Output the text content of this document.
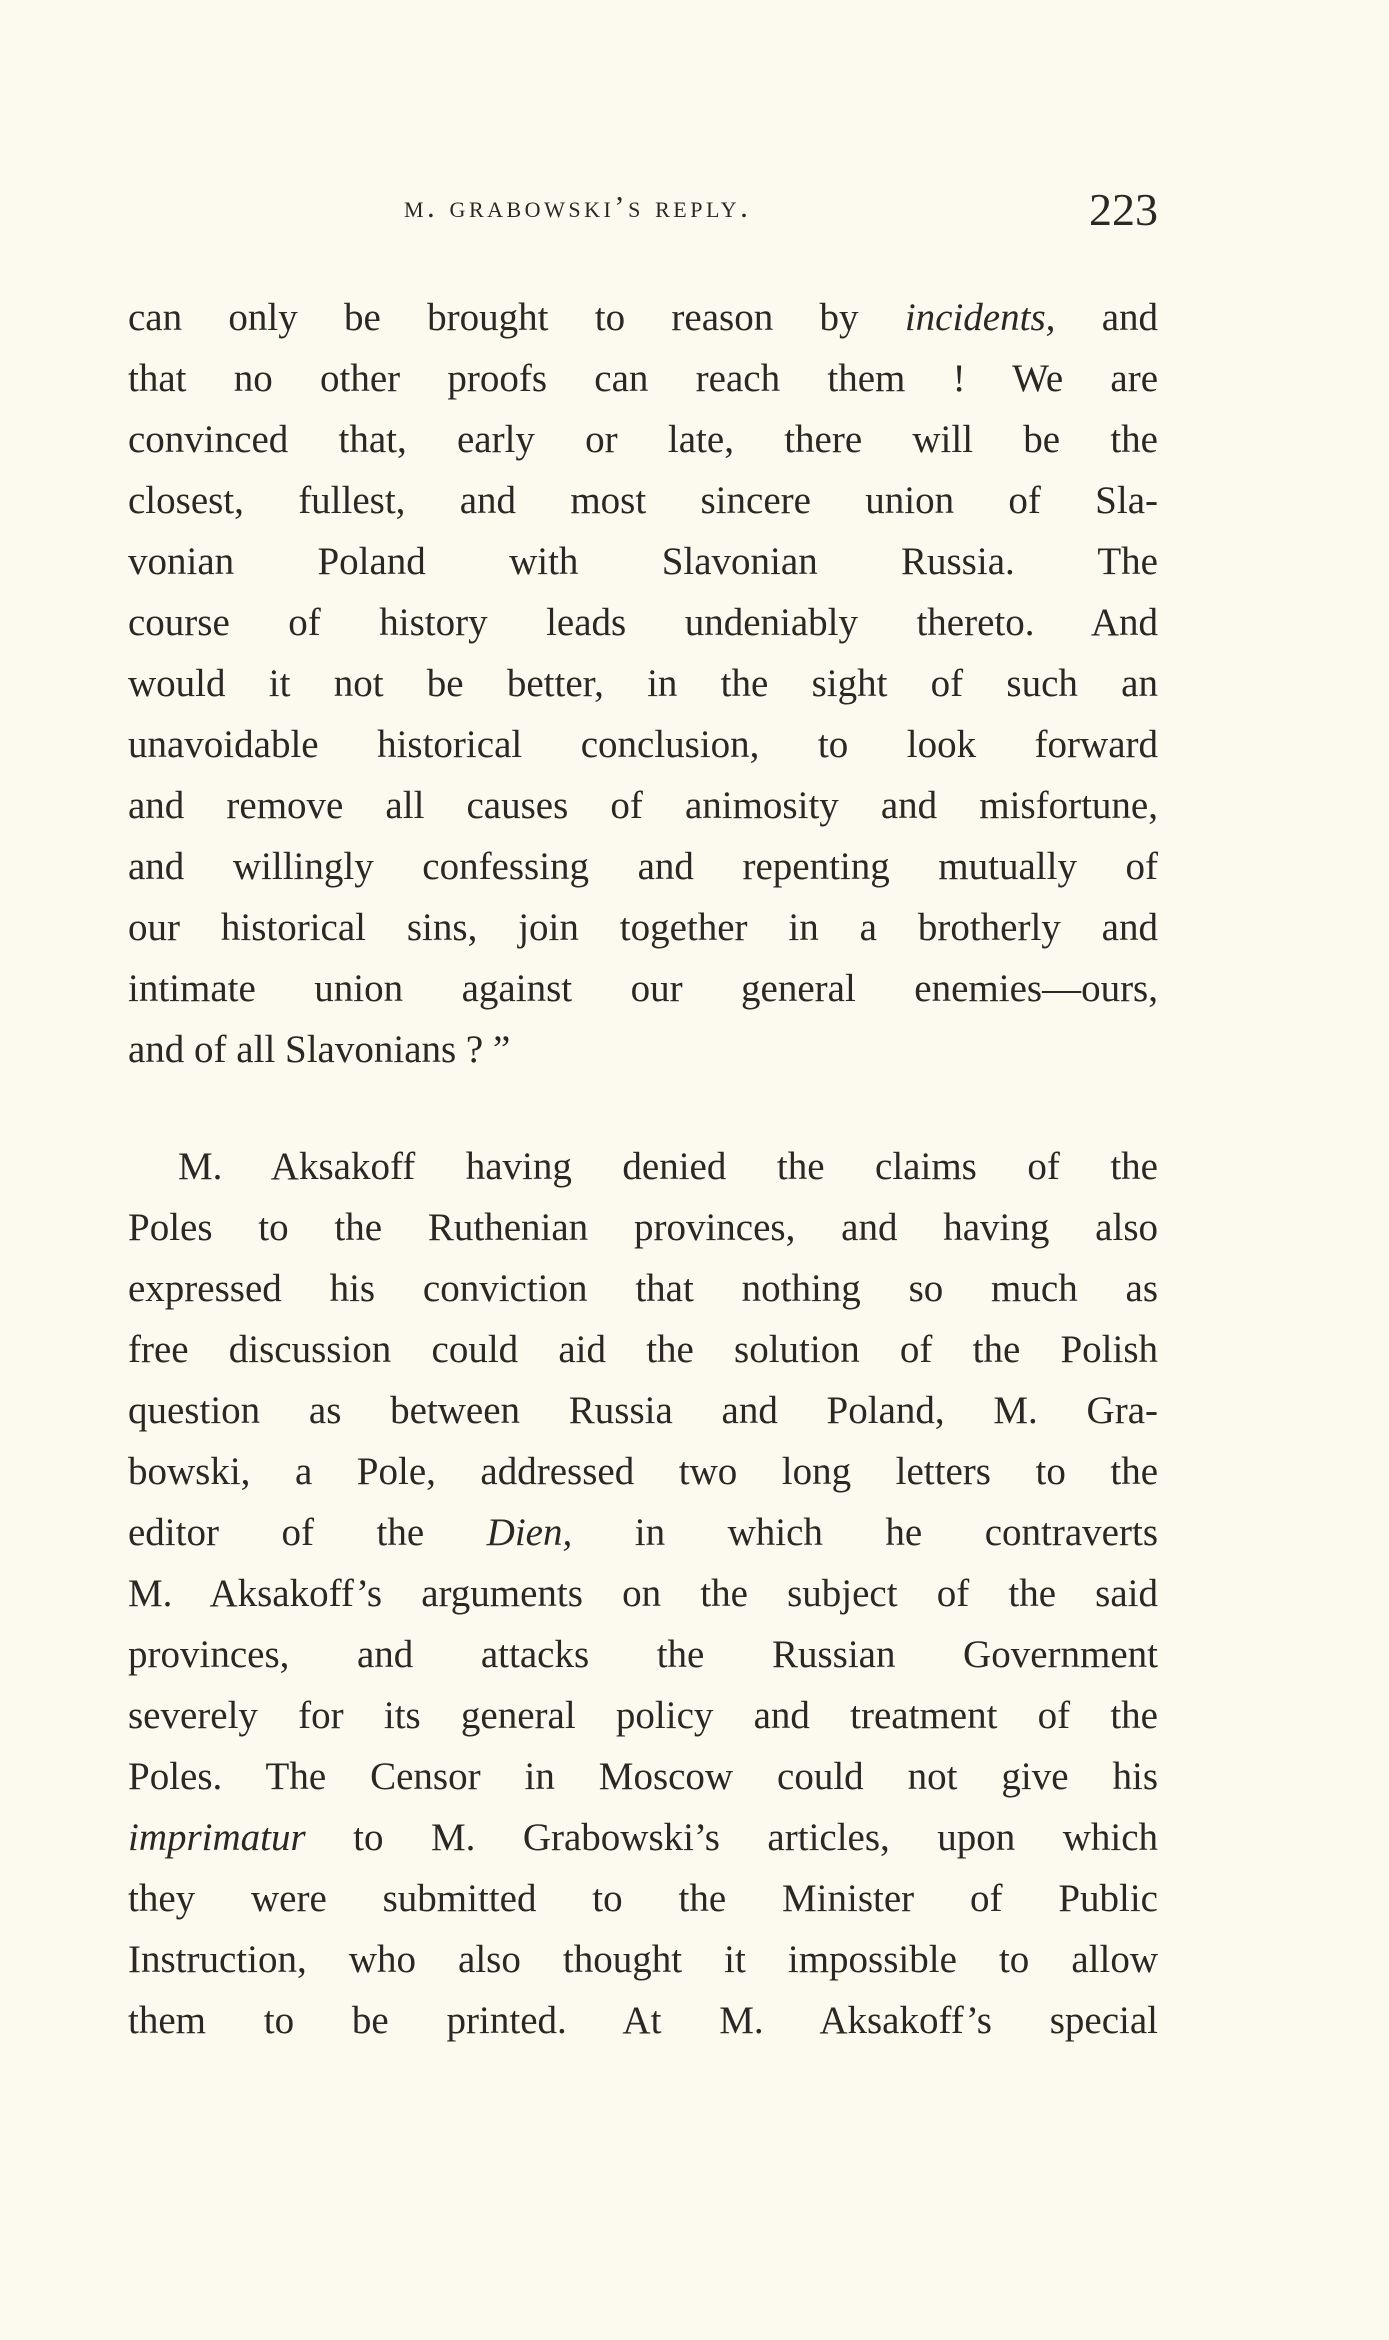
m. grabowski’s reply.	223
can only be brought to reason by incidents, and
that no other proofs can reach them ! We are
convinced that, early or late, there will be the
closest, fullest, and most sincere union of Sla-
vonian Poland with Slavonian Russia. The
course of history leads undeniably thereto. And
would it not be better, in the sight of such an
unavoidable historical conclusion, to look forward
and remove all causes of animosity and misfortune,
and willingly confessing and repenting mutually of
our historical sins, join together in a brotherly and
intimate union against our general enemies—ours,
and of all Slavonians ? ”
M. Aksakoff having denied the claims of the
Poles to the Ruthenian provinces, and having also
expressed his conviction that nothing so much as
free discussion could aid the solution of the Polish
question as between Russia and Poland, M. Gra-
bowski, a Pole, addressed two long letters to the
editor of the Dien, in which he contraverts
M. Aksakoff’s arguments on the subject of the said
provinces, and attacks the Russian Government
severely for its general policy and treatment of the
Poles. The Censor in Moscow could not give his
imprimatur to M. Grabowski’s articles, upon which
they were submitted to the Minister of Public
Instruction, who also thought it impossible to allow
them to be printed. At M. Aksakoff’s special
